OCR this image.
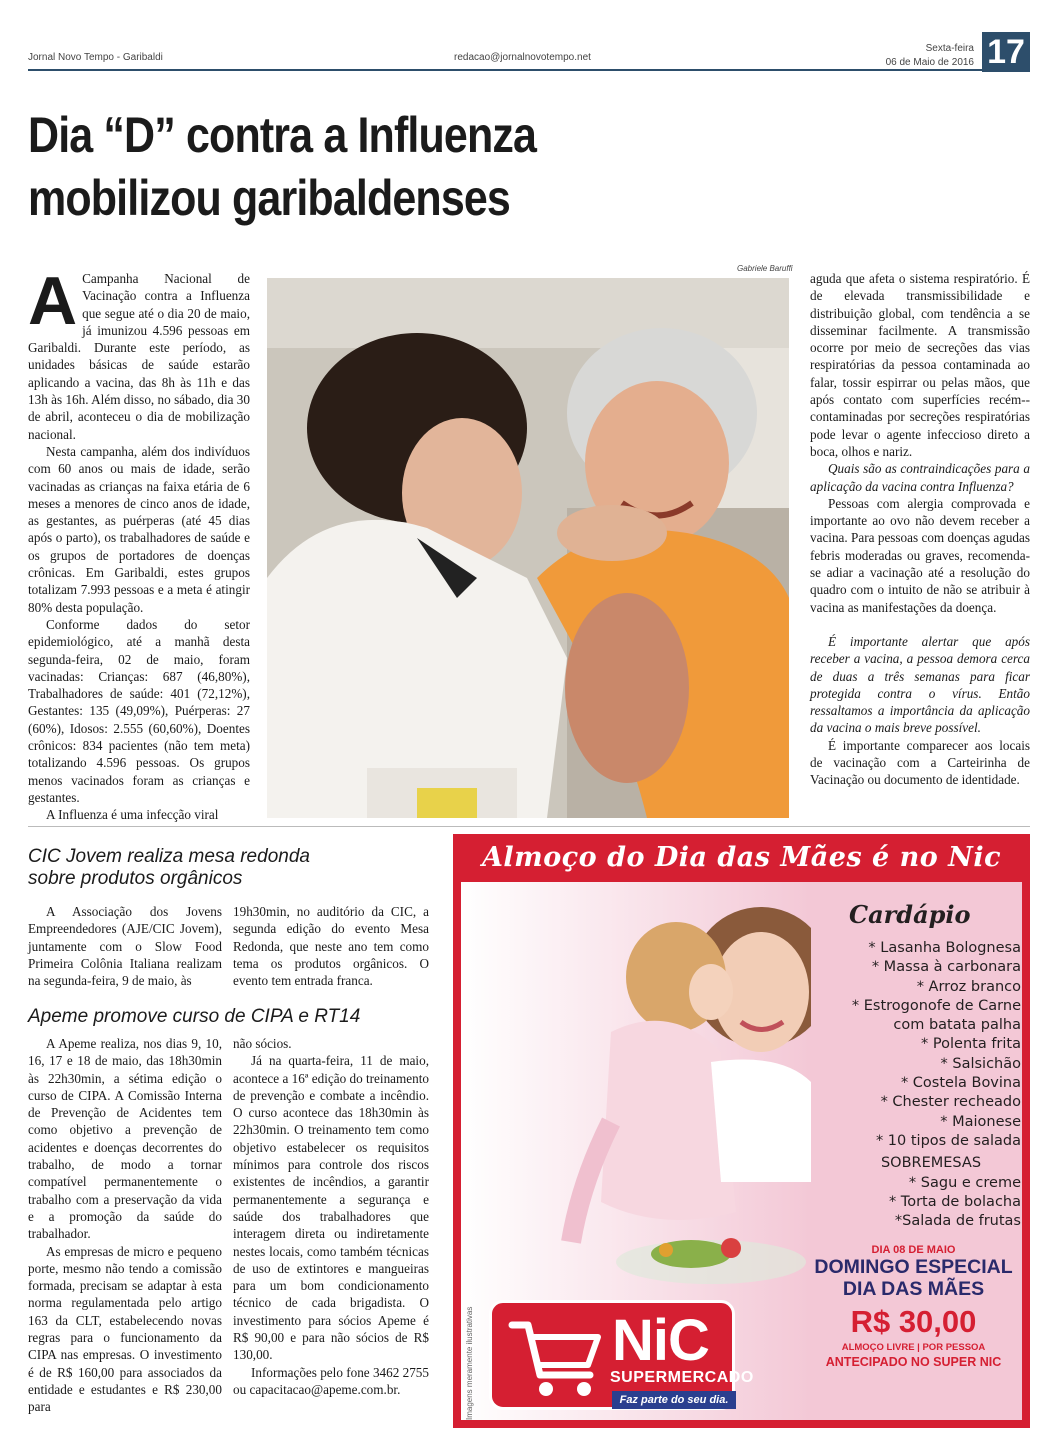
Jornal Novo Tempo - Garibaldi	redacao@jornalnovotempo.net
Sexta-feira
06 de Maio de 2016 17
Dia “D” contra a Influenza
mobilizou garibaldenses
A Campanha Nacional de Vacinação contra a Influenza que segue até o dia 20 de maio, já imunizou 4.596 pessoas em Garibaldi. Durante este período, as unidades básicas de saúde estarão aplicando a vacina, das 8h às 11h e das 13h às 16h. Além disso, no sábado, dia 30 de abril, aconteceu o dia de mobilização nacional.

Nesta campanha, além dos indivíduos com 60 anos ou mais de idade, serão vacinadas as crianças na faixa etária de 6 meses a menores de cinco anos de idade, as gestantes, as puérperas (até 45 dias após o parto), os trabalhadores de saúde e os grupos de portadores de doenças crônicas. Em Garibaldi, estes grupos totalizam 7.993 pessoas e a meta é atingir 80% desta população.

Conforme dados do setor epidemiológico, até a manhã desta segunda-feira, 02 de maio, foram vacinadas: Crianças: 687 (46,80%), Trabalhadores de saúde: 401 (72,12%), Gestantes: 135 (49,09%), Puérperas: 27 (60%), Idosos: 2.555 (60,60%), Doentes crônicos: 834 pacientes (não tem meta) totalizando 4.596 pessoas. Os grupos menos vacinados foram as crianças e gestantes.

A Influenza é uma infecção viral

Gabriele Baruffi

aguda que afeta o sistema respiratório. É de elevada transmissibilidade e distribuição global, com tendência a se disseminar facilmente. A transmissão ocorre por meio de secreções das vias respiratórias da pessoa contaminada ao falar, tossir espirrar ou pelas mãos, que após contato com superfícies recém--contaminadas por secreções respiratórias pode levar o agente infeccioso direto a boca, olhos e nariz.

Quais são as contraindicações para a aplicação da vacina contra Influenza?

Pessoas com alergia comprovada e importante ao ovo não devem receber a vacina. Para pessoas com doenças agudas febris moderadas ou graves, recomenda-se adiar a vacinação até a resolução do quadro com o intuito de não se atribuir à vacina as manifestações da doença.

É importante alertar que após receber a vacina, a pessoa demora cerca de duas a três semanas para ficar protegida contra o vírus. Então ressaltamos a importância da aplicação da vacina o mais breve possível.

É importante comparecer aos locais de vacinação com a Carteirinha de Vacinação ou documento de identidade.

CIC Jovem realiza mesa redonda
sobre produtos orgânicos

A Associação dos Jovens Empreendedores (AJE/CIC Jovem), juntamente com o Slow Food Primeira Colônia Italiana realizam na segunda-feira, 9 de maio, às

19h30min, no auditório da CIC, a segunda edição do evento Mesa Redonda, que neste ano tem como tema os produtos orgânicos. O evento tem entrada franca.

Apeme promove curso de CIPA e RT14

A Apeme realiza, nos dias 9, 10, 16, 17 e 18 de maio, das 18h30min às 22h30min, a sétima edição o curso de CIPA. A Comissão Interna de Prevenção de Acidentes tem como objetivo a prevenção de acidentes e doenças decorrentes do trabalho, de modo a tornar compatível permanentemente o trabalho com a preservação da vida e a promoção da saúde do trabalhador.

As empresas de micro e pequeno porte, mesmo não tendo a comissão formada, precisam se adaptar à esta norma regulamentada pelo artigo 163 da CLT, estabelecendo novas regras para o funcionamento da CIPA nas empresas. O investimento é de R$ 160,00 para associados da entidade e estudantes e R$ 230,00 para

não sócios.

Já na quarta-feira, 11 de maio, acontece a 16ª edição do treinamento de prevenção e combate a incêndio. O curso acontece das 18h30min às 22h30min. O treinamento tem como objetivo estabelecer os requisitos mínimos para controle dos riscos existentes de incêndios, a garantir permanentemente a segurança e saúde dos trabalhadores que interagem direta ou indiretamente nestes locais, como também técnicas de uso de extintores e mangueiras para um bom condicionamento técnico de cada brigadista. O investimento para sócios Apeme é R$ 90,00 e para não sócios de R$ 130,00.

Informações pelo fone 3462 2755 ou capacitacao@apeme.com.br.

Almoço do Dia das Mães é no Nic
Cardápio
* Lasanha Bolognesa
* Massa à carbonara
* Arroz branco
* Estrogonofe de Carne
com batata palha
* Polenta frita
* Salsichão
* Costela Bovina
* Chester recheado
* Maionese
* 10 tipos de salada
SOBREMESAS
* Sagu e creme
* Torta de bolacha
*Salada de frutas
DIA 08 DE MAIO
DOMINGO ESPECIAL
DIA DAS MÃES
R$ 30,00
ALMOÇO LIVRE | POR PESSOA
ANTECIPADO NO SUPER NIC
NiC
SUPERMERCADO
Faz parte do seu dia.
Imagens meramente ilustrativas
